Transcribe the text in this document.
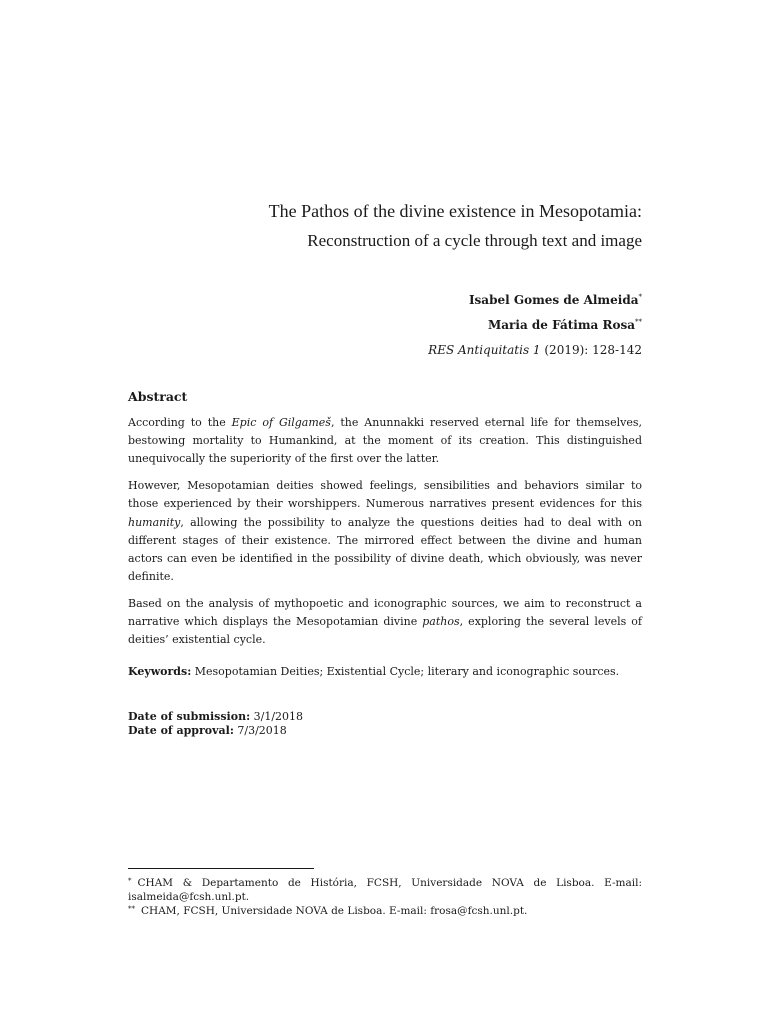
The Pathos of the divine existence in Mesopotamia:
Reconstruction of a cycle through text and image
Isabel Gomes de Almeida*
Maria de Fátima Rosa**
RES Antiquitatis 1 (2019): 128-142
Abstract

According to the Epic of Gilgameš, the Anunnakki reserved eternal life for themselves, bestowing mortality to Humankind, at the moment of its creation. This distinguished unequivocally the superiority of the first over the latter.

However, Mesopotamian deities showed feelings, sensibilities and behaviors similar to those experienced by their worshippers. Numerous narratives present evidences for this humanity, allowing the possibility to analyze the questions deities had to deal with on different stages of their existence. The mirrored effect between the divine and human actors can even be identified in the possibility of divine death, which obviously, was never definite.

Based on the analysis of mythopoetic and iconographic sources, we aim to reconstruct a narrative which displays the Mesopotamian divine pathos, exploring the several levels of deities’ existential cycle.

Keywords: Mesopotamian Deities; Existential Cycle; literary and iconographic sources.
Date of submission: 3/1/2018
Date of approval: 7/3/2018

* CHAM & Departamento de História, FCSH, Universidade NOVA de Lisboa. E-mail: isalmeida@fcsh.unl.pt.

** CHAM, FCSH, Universidade NOVA de Lisboa. E-mail: frosa@fcsh.unl.pt.
